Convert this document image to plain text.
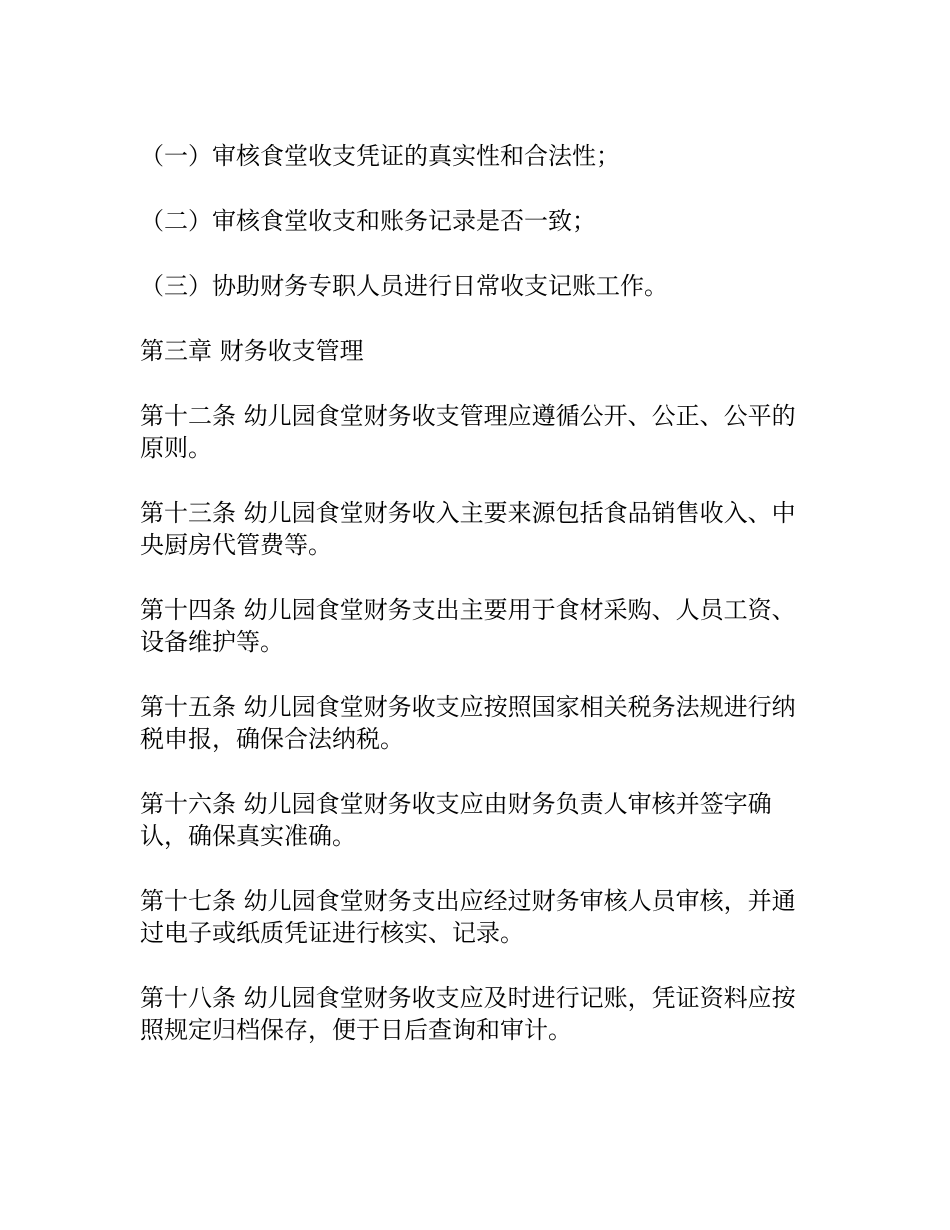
（一）审核食堂收支凭证的真实性和合法性；

（二）审核食堂收支和账务记录是否一致；

（三）协助财务专职人员进行日常收支记账工作。

第三章 财务收支管理

第十二条 幼儿园食堂财务收支管理应遵循公开、公正、公平的原则。

第十三条 幼儿园食堂财务收入主要来源包括食品销售收入、中央厨房代管费等。

第十四条 幼儿园食堂财务支出主要用于食材采购、人员工资、设备维护等。

第十五条 幼儿园食堂财务收支应按照国家相关税务法规进行纳税申报，确保合法纳税。

第十六条 幼儿园食堂财务收支应由财务负责人审核并签字确认，确保真实准确。

第十七条 幼儿园食堂财务支出应经过财务审核人员审核，并通过电子或纸质凭证进行核实、记录。

第十八条 幼儿园食堂财务收支应及时进行记账，凭证资料应按照规定归档保存，便于日后查询和审计。
